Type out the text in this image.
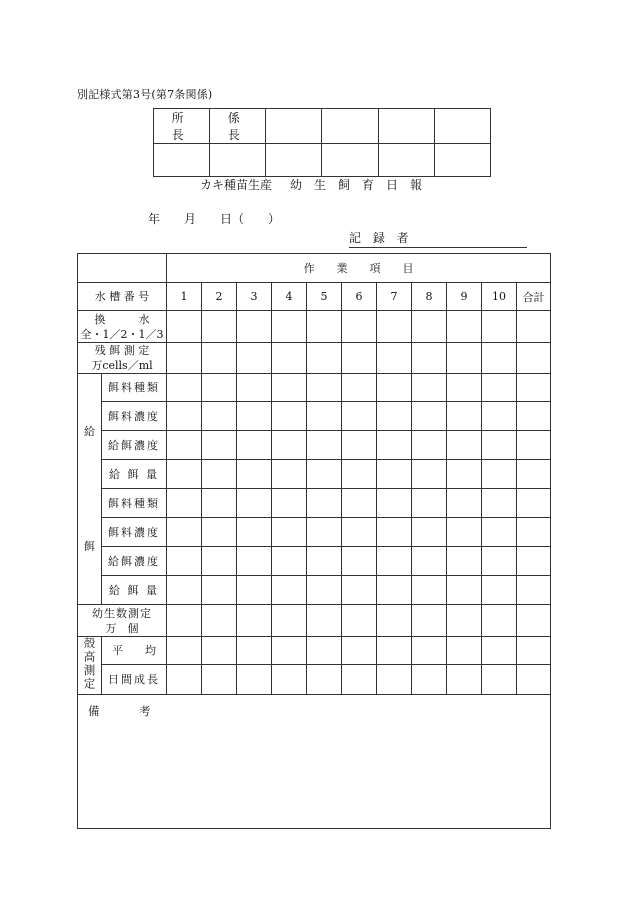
別記様式第3号(第7条関係)
所　長	係　長				

カキ種苗生産 幼生飼育日報
年　　月　　日（　　）
記 録 者
		作　　業　　項　　目										
水 槽 番 号		1	2	3	4	5	6	7	8	9	10	合計

換　　　水
全・1／2・1／3												

残 餌 測 定
万cells／ml												

給	餌料種類											
	餌料濃度											
	給餌濃度											
	給 餌 量											
餌	餌料種類											
	餌料濃度											
	給餌濃度											
	給 餌 量											

幼生数測定
万　個												

殻高測定	平　　均											
	日間成長											
備　考												
